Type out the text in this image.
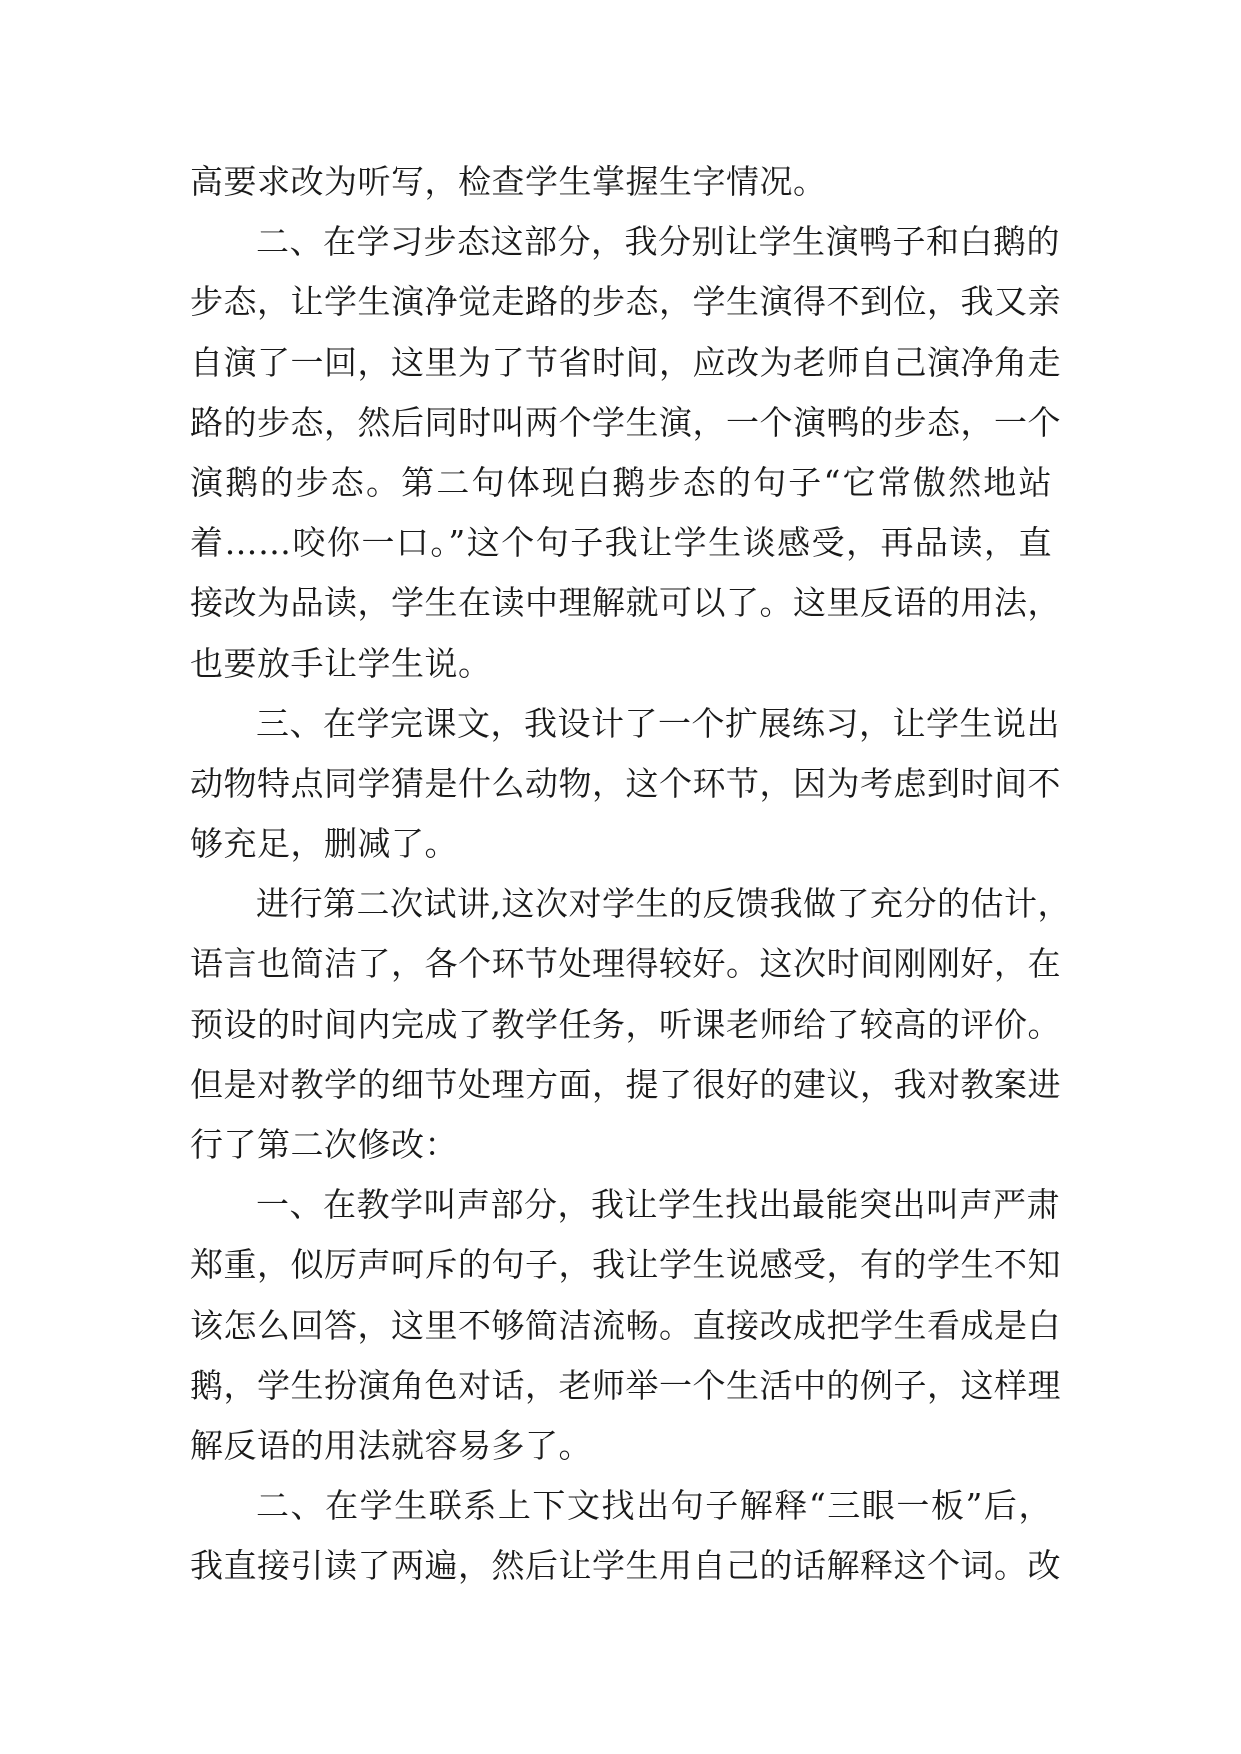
高要求改为听写，检查学生掌握生字情况。
二、在学习步态这部分，我分别让学生演鸭子和白鹅的
步态，让学生演净觉走路的步态，学生演得不到位，我又亲
自演了一回，这里为了节省时间，应改为老师自己演净角走
路的步态，然后同时叫两个学生演，一个演鸭的步态，一个
演鹅的步态。第二句体现白鹅步态的句子“它常傲然地站
着……咬你一口。”这个句子我让学生谈感受，再品读，直
接改为品读，学生在读中理解就可以了。这里反语的用法，
也要放手让学生说。
三、在学完课文，我设计了一个扩展练习，让学生说出
动物特点同学猜是什么动物，这个环节，因为考虑到时间不
够充足，删减了。
进行第二次试讲,这次对学生的反馈我做了充分的估计，
语言也简洁了，各个环节处理得较好。这次时间刚刚好，在
预设的时间内完成了教学任务，听课老师给了较高的评价。
但是对教学的细节处理方面，提了很好的建议，我对教案进
行了第二次修改：
一、在教学叫声部分，我让学生找出最能突出叫声严肃
郑重，似厉声呵斥的句子，我让学生说感受，有的学生不知
该怎么回答，这里不够简洁流畅。直接改成把学生看成是白
鹅，学生扮演角色对话，老师举一个生活中的例子，这样理
解反语的用法就容易多了。
二、在学生联系上下文找出句子解释“三眼一板”后，
我直接引读了两遍，然后让学生用自己的话解释这个词。改
